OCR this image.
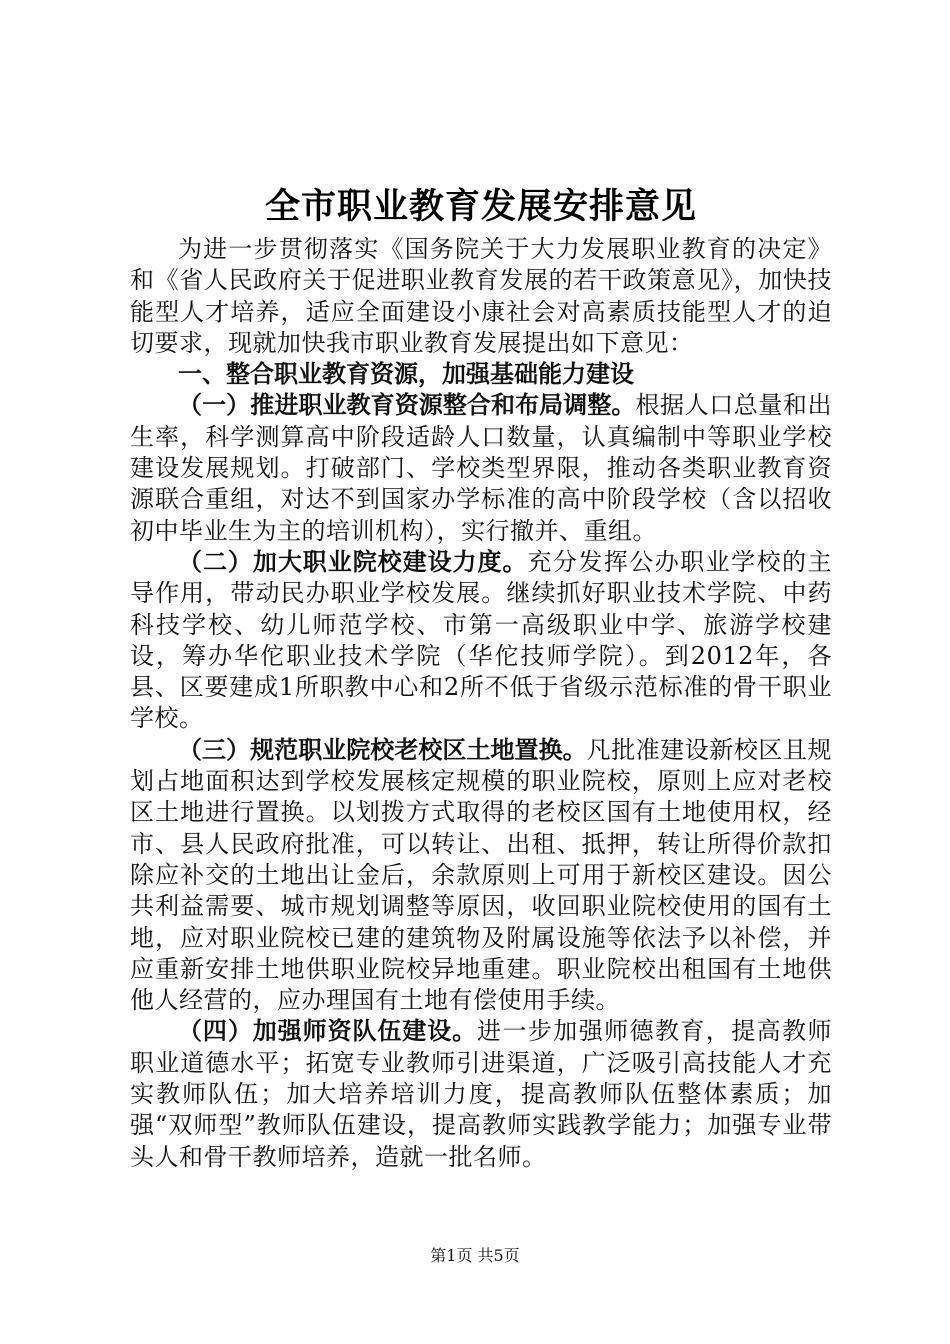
全市职业教育发展安排意见

为进一步贯彻落实《国务院关于大力发展职业教育的决定》和《省人民政府关于促进职业教育发展的若干政策意见》，加快技能型人才培养，适应全面建设小康社会对高素质技能型人才的迫切要求，现就加快我市职业教育发展提出如下意见：

一、整合职业教育资源，加强基础能力建设

（一）推进职业教育资源整合和布局调整。根据人口总量和出生率，科学测算高中阶段适龄人口数量，认真编制中等职业学校建设发展规划。打破部门、学校类型界限，推动各类职业教育资源联合重组，对达不到国家办学标准的高中阶段学校（含以招收初中毕业生为主的培训机构），实行撤并、重组。

（二）加大职业院校建设力度。充分发挥公办职业学校的主导作用，带动民办职业学校发展。继续抓好职业技术学院、中药科技学校、幼儿师范学校、市第一高级职业中学、旅游学校建设，筹办华佗职业技术学院（华佗技师学院）。到2012年，各县、区要建成1所职教中心和2所不低于省级示范标准的骨干职业学校。

（三）规范职业院校老校区土地置换。凡批准建设新校区且规划占地面积达到学校发展核定规模的职业院校，原则上应对老校区土地进行置换。以划拨方式取得的老校区国有土地使用权，经市、县人民政府批准，可以转让、出租、抵押，转让所得价款扣除应补交的土地出让金后，余款原则上可用于新校区建设。因公共利益需要、城市规划调整等原因，收回职业院校使用的国有土地，应对职业院校已建的建筑物及附属设施等依法予以补偿，并应重新安排土地供职业院校异地重建。职业院校出租国有土地供他人经营的，应办理国有土地有偿使用手续。

（四）加强师资队伍建设。进一步加强师德教育，提高教师职业道德水平；拓宽专业教师引进渠道，广泛吸引高技能人才充实教师队伍；加大培养培训力度，提高教师队伍整体素质；加强“双师型”教师队伍建设，提高教师实践教学能力；加强专业带头人和骨干教师培养，造就一批名师。

第1页 共5页
